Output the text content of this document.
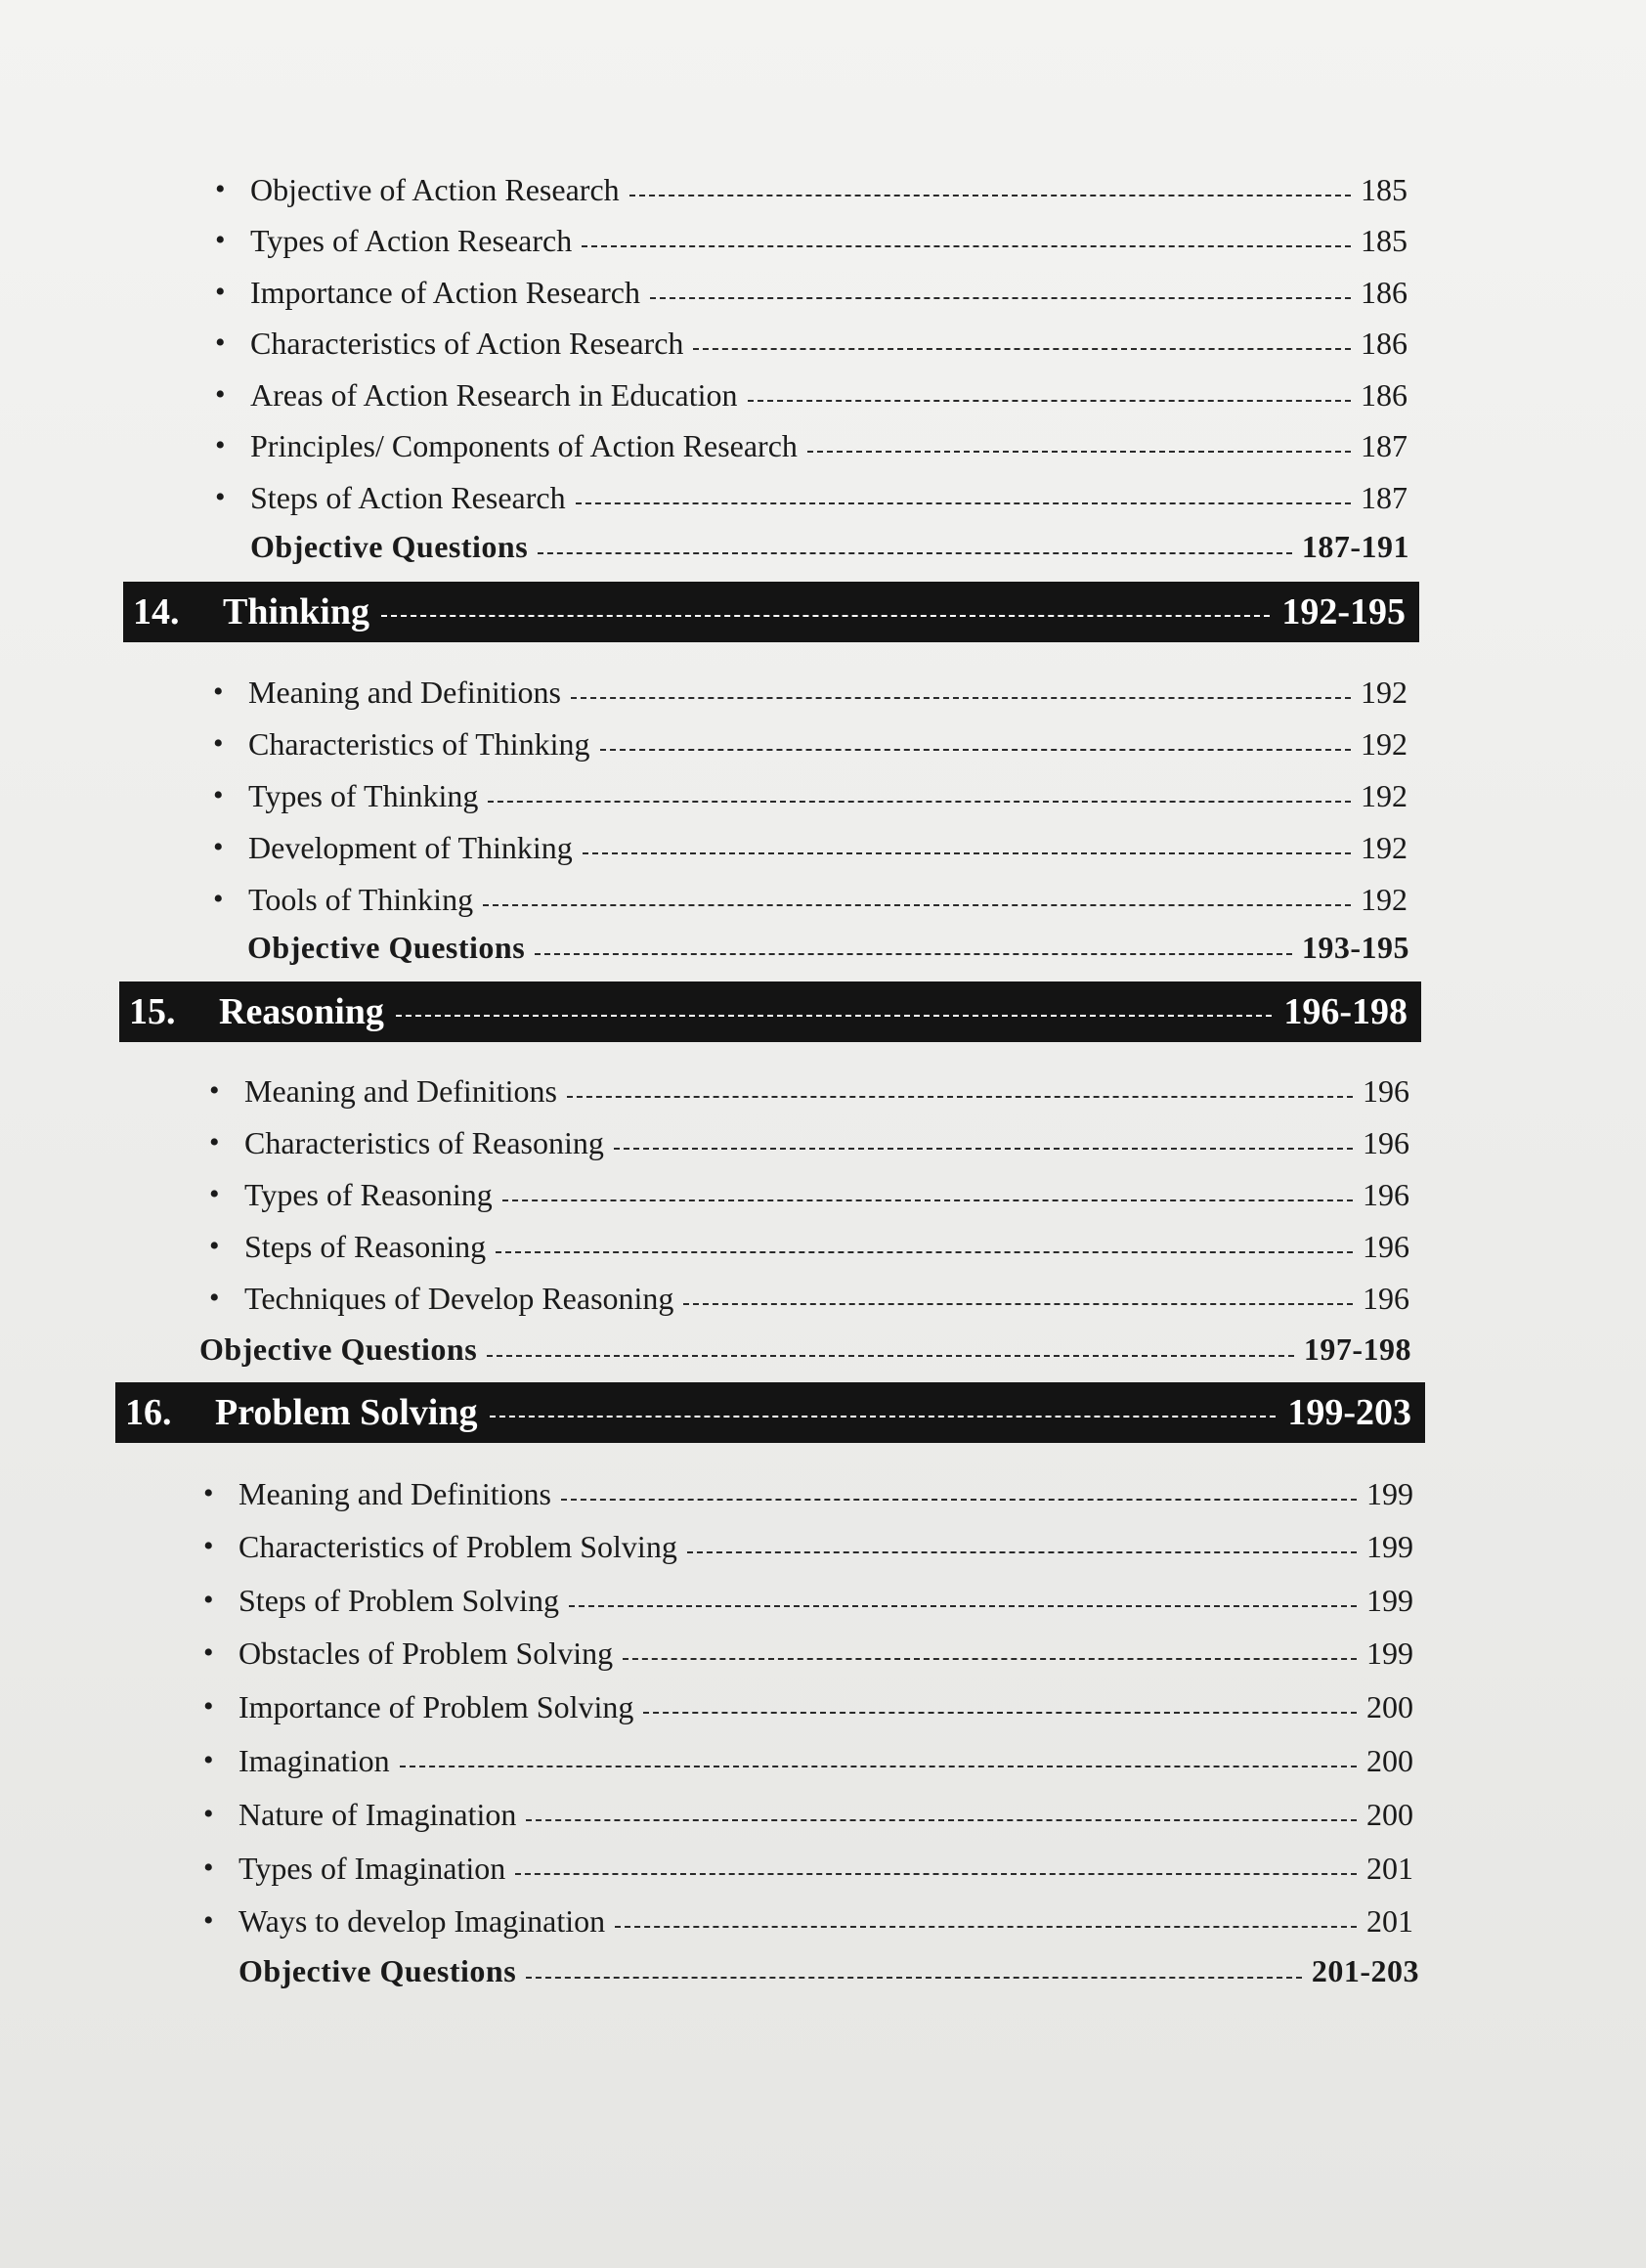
• Objective of Action Research	185
• Types of Action Research	185
• Importance of Action Research	186
• Characteristics of Action Research	186
• Areas of Action Research in Education	186
• Principles/ Components of Action Research	187
• Steps of Action Research	187
Objective Questions	187-191
14.	Thinking	192-195
• Meaning and Definitions	192
• Characteristics of Thinking	192
• Types of Thinking	192
• Development of Thinking	192
• Tools of Thinking	192
Objective Questions	193-195
15.	Reasoning	196-198
• Meaning and Definitions	196
• Characteristics of Reasoning	196
• Types of Reasoning	196
• Steps of Reasoning	196
• Techniques of Develop Reasoning	196
Objective Questions	197-198
16.	Problem Solving	199-203
• Meaning and Definitions	199
• Characteristics of Problem Solving	199
• Steps of Problem Solving	199
• Obstacles of Problem Solving	199
• Importance of Problem Solving	200
• Imagination	200
• Nature of Imagination	200
• Types of Imagination	201
• Ways to develop Imagination	201
Objective Questions	201-203
